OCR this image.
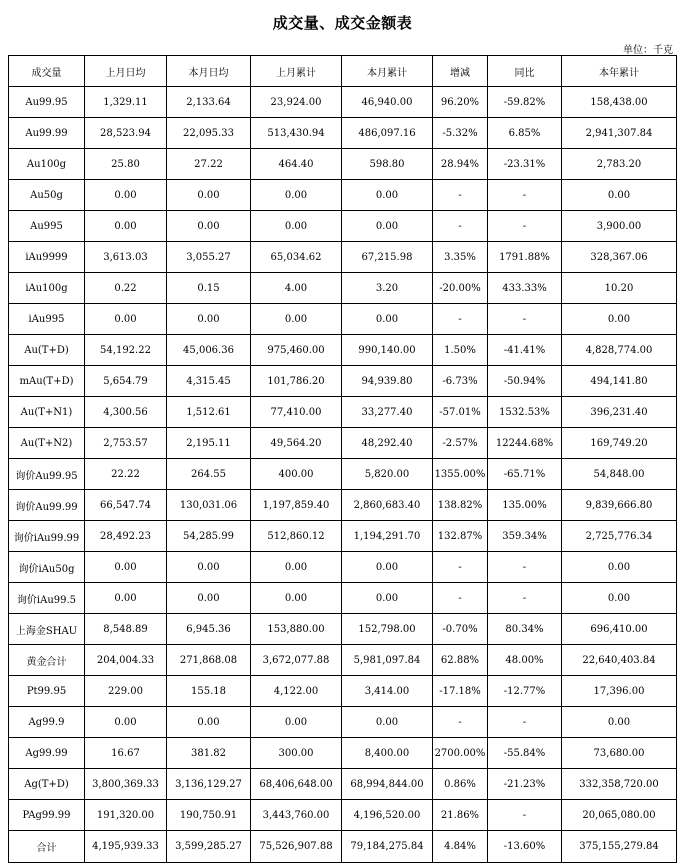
成交量、成交金额表
单位：千克
成交量	上月日均	本月日均	上月累计	本月累计	增减	同比	本年累计
Au99.95	1,329.11	2,133.64	23,924.00	46,940.00	96.20%	-59.82%	158,438.00
Au99.99	28,523.94	22,095.33	513,430.94	486,097.16	-5.32%	6.85%	2,941,307.84
Au100g	25.80	27.22	464.40	598.80	28.94%	-23.31%	2,783.20
Au50g	0.00	0.00	0.00	0.00	-	-	0.00
Au995	0.00	0.00	0.00	0.00	-	-	3,900.00
iAu9999	3,613.03	3,055.27	65,034.62	67,215.98	3.35%	1791.88%	328,367.06
iAu100g	0.22	0.15	4.00	3.20	-20.00%	433.33%	10.20
iAu995	0.00	0.00	0.00	0.00	-	-	0.00
Au(T+D)	54,192.22	45,006.36	975,460.00	990,140.00	1.50%	-41.41%	4,828,774.00
mAu(T+D)	5,654.79	4,315.45	101,786.20	94,939.80	-6.73%	-50.94%	494,141.80
Au(T+N1)	4,300.56	1,512.61	77,410.00	33,277.40	-57.01%	1532.53%	396,231.40
Au(T+N2)	2,753.57	2,195.11	49,564.20	48,292.40	-2.57%	12244.68%	169,749.20
询价Au99.95	22.22	264.55	400.00	5,820.00	1355.00%	-65.71%	54,848.00
询价Au99.99	66,547.74	130,031.06	1,197,859.40	2,860,683.40	138.82%	135.00%	9,839,666.80
询价iAu99.99	28,492.23	54,285.99	512,860.12	1,194,291.70	132.87%	359.34%	2,725,776.34
询价iAu50g	0.00	0.00	0.00	0.00	-	-	0.00
询价iAu99.5	0.00	0.00	0.00	0.00	-	-	0.00
上海金SHAU	8,548.89	6,945.36	153,880.00	152,798.00	-0.70%	80.34%	696,410.00
黄金合计	204,004.33	271,868.08	3,672,077.88	5,981,097.84	62.88%	48.00%	22,640,403.84
Pt99.95	229.00	155.18	4,122.00	3,414.00	-17.18%	-12.77%	17,396.00
Ag99.9	0.00	0.00	0.00	0.00	-	-	0.00
Ag99.99	16.67	381.82	300.00	8,400.00	2700.00%	-55.84%	73,680.00
Ag(T+D)	3,800,369.33	3,136,129.27	68,406,648.00	68,994,844.00	0.86%	-21.23%	332,358,720.00
PAg99.99	191,320.00	190,750.91	3,443,760.00	4,196,520.00	21.86%	-	20,065,080.00
合计	4,195,939.33	3,599,285.27	75,526,907.88	79,184,275.84	4.84%	-13.60%	375,155,279.84
